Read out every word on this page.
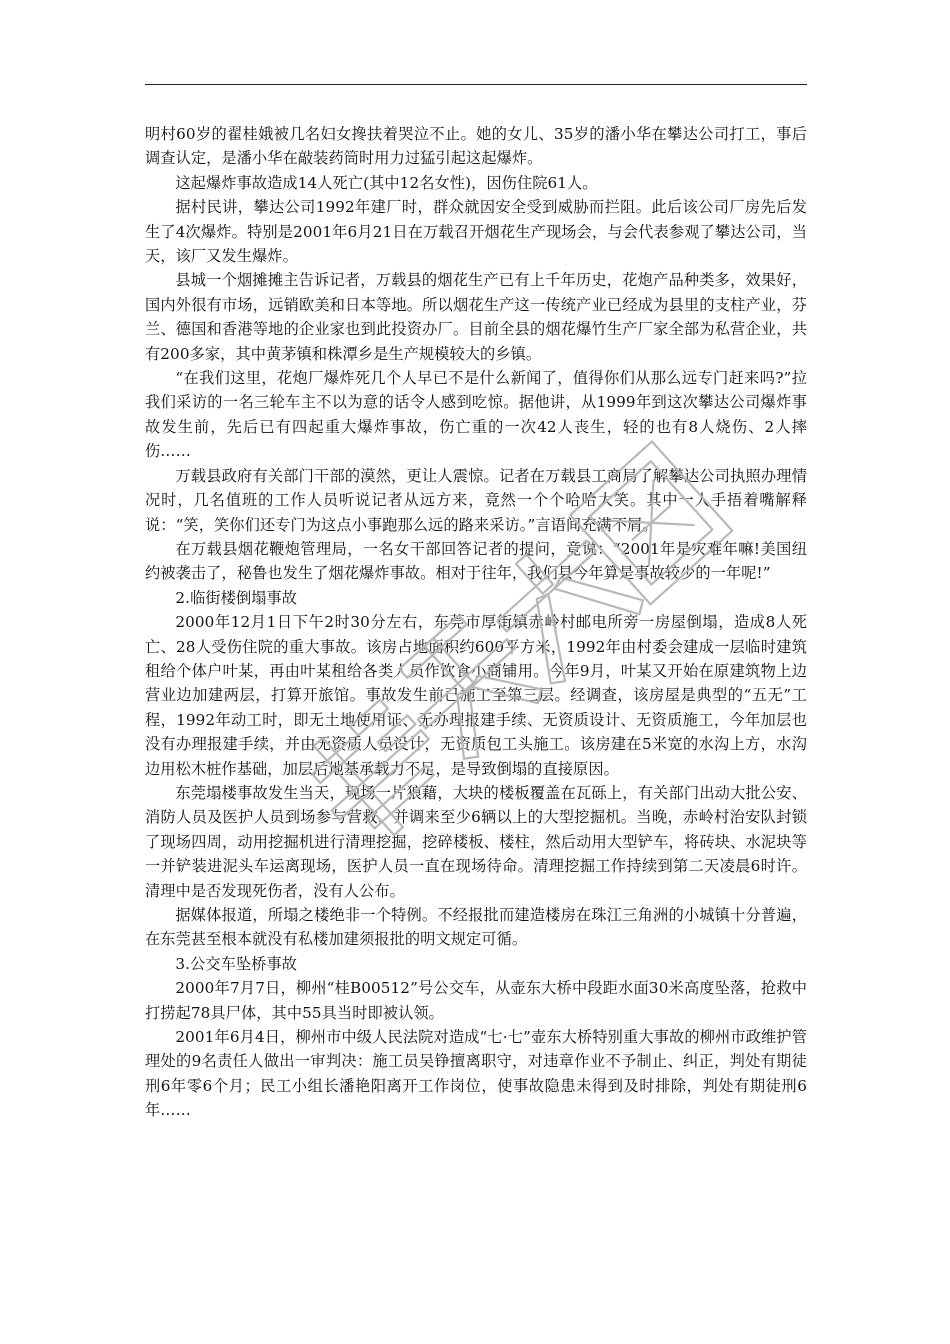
明村60岁的翟桂娥被几名妇女搀扶着哭泣不止。她的女儿、35岁的潘小华在攀达公司打工，事后调查认定，是潘小华在敲装药筒时用力过猛引起这起爆炸。

这起爆炸事故造成14人死亡(其中12名女性)，因伤住院61人。

据村民讲，攀达公司1992年建厂时，群众就因安全受到威胁而拦阻。此后该公司厂房先后发生了4次爆炸。特别是2001年6月21日在万载召开烟花生产现场会，与会代表参观了攀达公司，当天，该厂又发生爆炸。

县城一个烟摊摊主告诉记者，万载县的烟花生产已有上千年历史，花炮产品种类多，效果好，国内外很有市场，远销欧美和日本等地。所以烟花生产这一传统产业已经成为县里的支柱产业，芬兰、德国和香港等地的企业家也到此投资办厂。目前全县的烟花爆竹生产厂家全部为私营企业，共有200多家，其中黄茅镇和株潭乡是生产规模较大的乡镇。

“在我们这里，花炮厂爆炸死几个人早已不是什么新闻了，值得你们从那么远专门赶来吗?”拉我们采访的一名三轮车主不以为意的话令人感到吃惊。据他讲，从1999年到这次攀达公司爆炸事故发生前，先后已有四起重大爆炸事故，伤亡重的一次42人丧生，轻的也有8人烧伤、2人摔伤……

万载县政府有关部门干部的漠然，更让人震惊。记者在万载县工商局了解攀达公司执照办理情况时，几名值班的工作人员听说记者从远方来，竟然一个个哈哈大笑。其中一人手捂着嘴解释说：“笑，笑你们还专门为这点小事跑那么远的路来采访。”言语间充满不屑。

在万载县烟花鞭炮管理局，一名女干部回答记者的提问，竟说：“2001年是灾难年嘛!美国纽约被袭击了，秘鲁也发生了烟花爆炸事故。相对于往年，我们县今年算是事故较少的一年呢!”

2.临街楼倒塌事故

2000年12月1日下午2时30分左右，东莞市厚街镇赤岭村邮电所旁一房屋倒塌，造成8人死亡、28人受伤住院的重大事故。该房占地面积约600平方米，1992年由村委会建成一层临时建筑租给个体户叶某，再由叶某租给各类人员作饮食小商铺用。今年9月，叶某又开始在原建筑物上边营业边加建两层，打算开旅馆。事故发生前已施工至第三层。经调查，该房屋是典型的“五无”工程，1992年动工时，即无土地使用证、无办理报建手续、无资质设计、无资质施工，今年加层也没有办理报建手续，并由无资质人员设计，无资质包工头施工。该房建在5米宽的水沟上方，水沟边用松木桩作基础，加层后地基承载力不足，是导致倒塌的直接原因。

东莞塌楼事故发生当天，现场一片狼藉，大块的楼板覆盖在瓦砾上，有关部门出动大批公安、消防人员及医护人员到场参与营救，并调来至少6辆以上的大型挖掘机。当晚，赤岭村治安队封锁了现场四周，动用挖掘机进行清理挖掘，挖碎楼板、楼柱，然后动用大型铲车，将砖块、水泥块等一并铲装进泥头车运离现场，医护人员一直在现场待命。清理挖掘工作持续到第二天凌晨6时许。清理中是否发现死伤者，没有人公布。

据媒体报道，所塌之楼绝非一个特例。不经报批而建造楼房在珠江三角洲的小城镇十分普遍，在东莞甚至根本就没有私楼加建须报批的明文规定可循。

3.公交车坠桥事故

2000年7月7日，柳州“桂B00512”号公交车，从壶东大桥中段距水面30米高度坠落，抢救中打捞起78具尸体，其中55具当时即被认领。

2001年6月4日，柳州市中级人民法院对造成“七·七”壶东大桥特别重大事故的柳州市政维护管理处的9名责任人做出一审判决：施工员吴铮擅离职守，对违章作业不予制止、纠正，判处有期徒刑6年零6个月；民工小组长潘艳阳离开工作岗位，使事故隐患未得到及时排除，判处有期徒刑6年……
